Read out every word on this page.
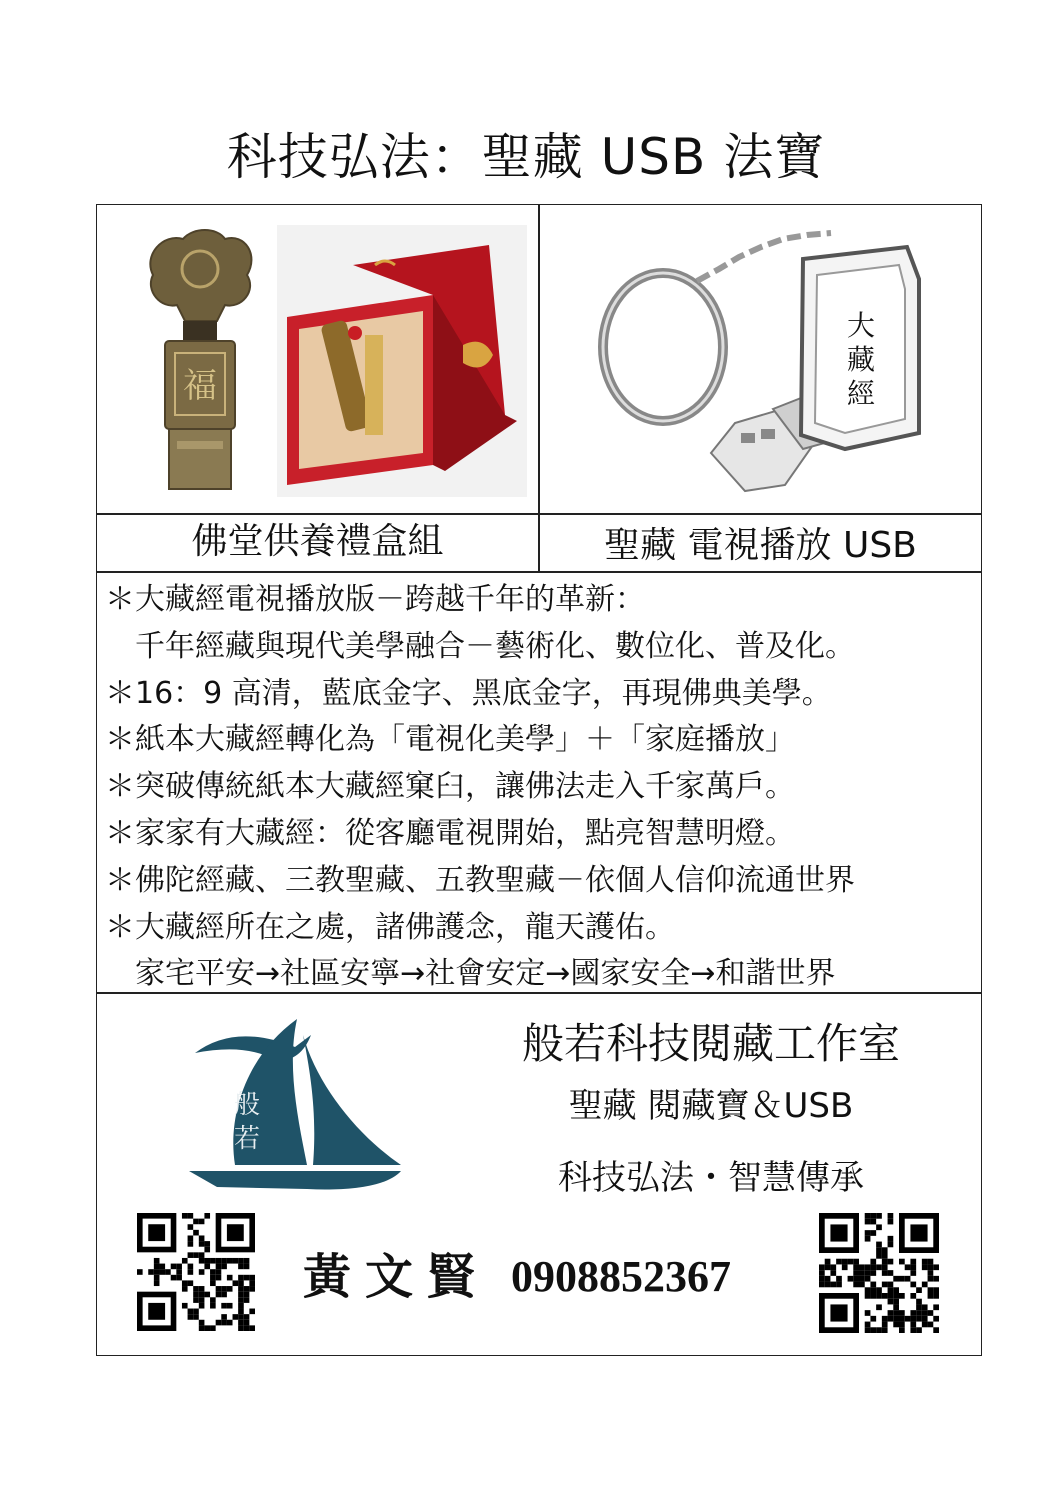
科技弘法：聖藏 USB 法寶
福
大
藏
經
佛堂供養禮盒組	聖藏 電視播放 USB
＊大藏經電視播放版－跨越千年的革新：
　千年經藏與現代美學融合－藝術化、數位化、普及化。
＊16：9 高清，藍底金字、黑底金字，再現佛典美學。
＊紙本大藏經轉化為「電視化美學」＋「家庭播放」
＊突破傳統紙本大藏經窠臼，讓佛法走入千家萬戶。
＊家家有大藏經：從客廳電視開始，點亮智慧明燈。
＊佛陀經藏、三教聖藏、五教聖藏－依個人信仰流通世界
＊大藏經所在之處，諸佛護念，龍天護佑。
　家宅平安→社區安寧→社會安定→國家安全→和諧世界
般
若
般若科技閱藏工作室
聖藏 閱藏寶＆USB
科技弘法・智慧傳承
黃文賢 0908852367
